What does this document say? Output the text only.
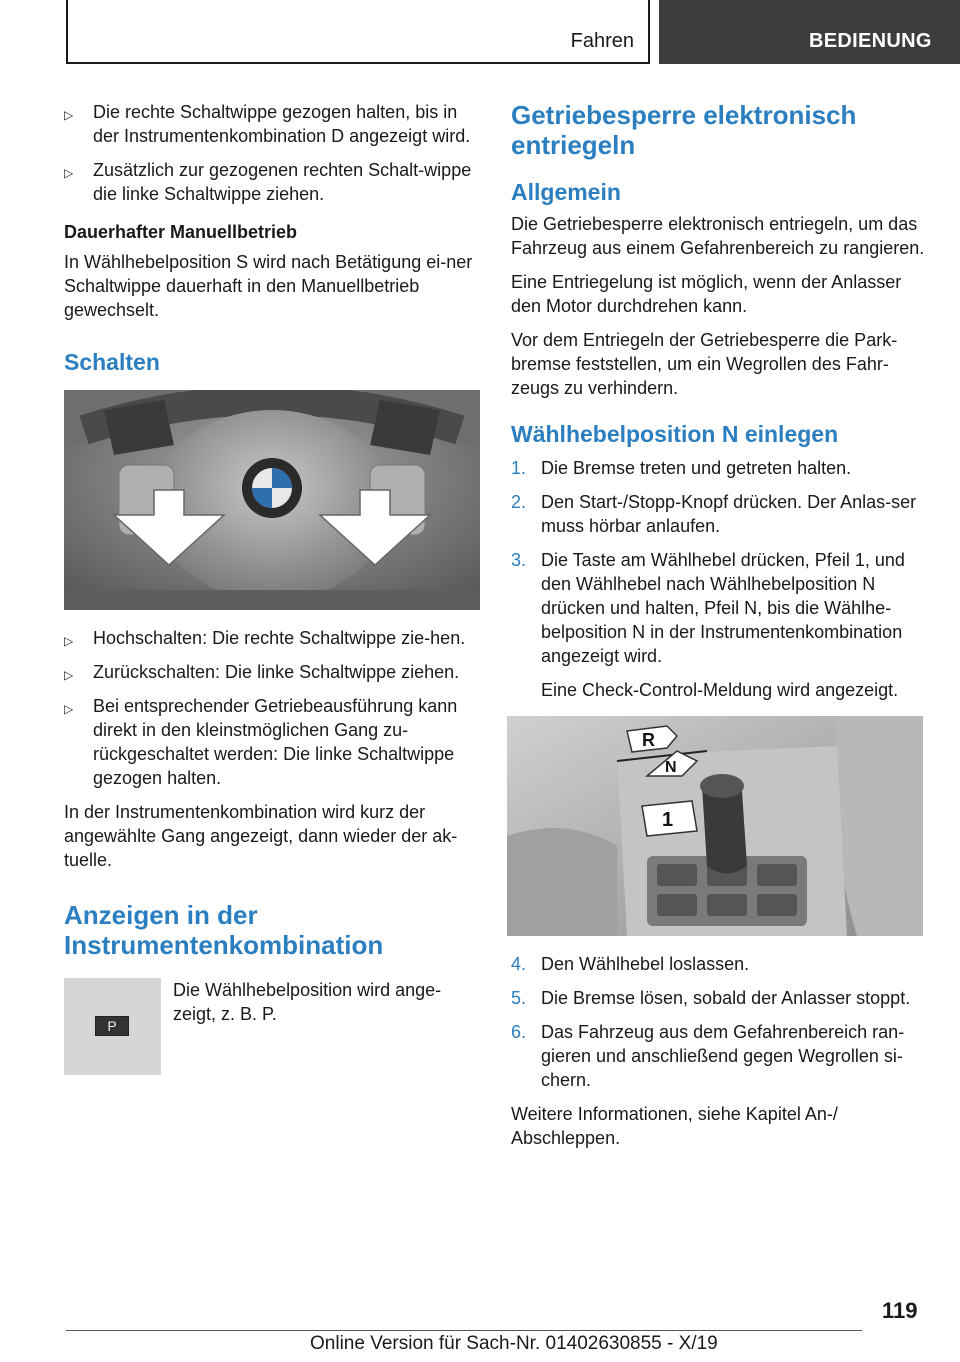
Fahren	BEDIENUNG
▷ Die rechte Schaltwippe gezogen halten, bis in der Instrumentenkombination D angezeigt wird.
▷ Zusätzlich zur gezogenen rechten Schalt‐wippe die linke Schaltwippe ziehen.
Dauerhafter Manuellbetrieb

In Wählhebelposition S wird nach Betätigung ei‐ner Schaltwippe dauerhaft in den Manuellbetrieb gewechselt.

Schalten
▷ Hochschalten: Die rechte Schaltwippe zie‐hen.
▷ Zurückschalten: Die linke Schaltwippe ziehen.
▷ Bei entsprechender Getriebeausführung kann direkt in den kleinstmöglichen Gang zu‐rückgeschaltet werden: Die linke Schaltwippe gezogen halten.

In der Instrumentenkombination wird kurz der angewählte Gang angezeigt, dann wieder der ak‐tuelle.

Anzeigen in der Instrumentenkombination
P
Die Wählhebelposition wird ange‐zeigt, z. B. P.
Getriebesperre elektronisch entriegeln
Allgemein

Die Getriebesperre elektronisch entriegeln, um das Fahrzeug aus einem Gefahrenbereich zu rangieren.

Eine Entriegelung ist möglich, wenn der Anlasser den Motor durchdrehen kann.

Vor dem Entriegeln der Getriebesperre die Park‐bremse feststellen, um ein Wegrollen des Fahr‐zeugs zu verhindern.

Wählhebelposition N einlegen
1. Die Bremse treten und getreten halten.
2. Den Start-/Stopp-Knopf drücken. Der Anlas‐ser muss hörbar anlaufen.
3. Die Taste am Wählhebel drücken, Pfeil 1, und den Wählhebel nach Wählhebelposition N drücken und halten, Pfeil N, bis die Wählhe‐belposition N in der Instrumentenkombination angezeigt wird.
Eine Check-Control-Meldung wird angezeigt.
R
N
1
4. Den Wählhebel loslassen.
5. Die Bremse lösen, sobald der Anlasser stoppt.
6. Das Fahrzeug aus dem Gefahrenbereich ran‐gieren und anschließend gegen Wegrollen si‐chern.

Weitere Informationen, siehe Kapitel An-/ Abschleppen.

119
Online Version für Sach-Nr. 01402630855 - X/19
